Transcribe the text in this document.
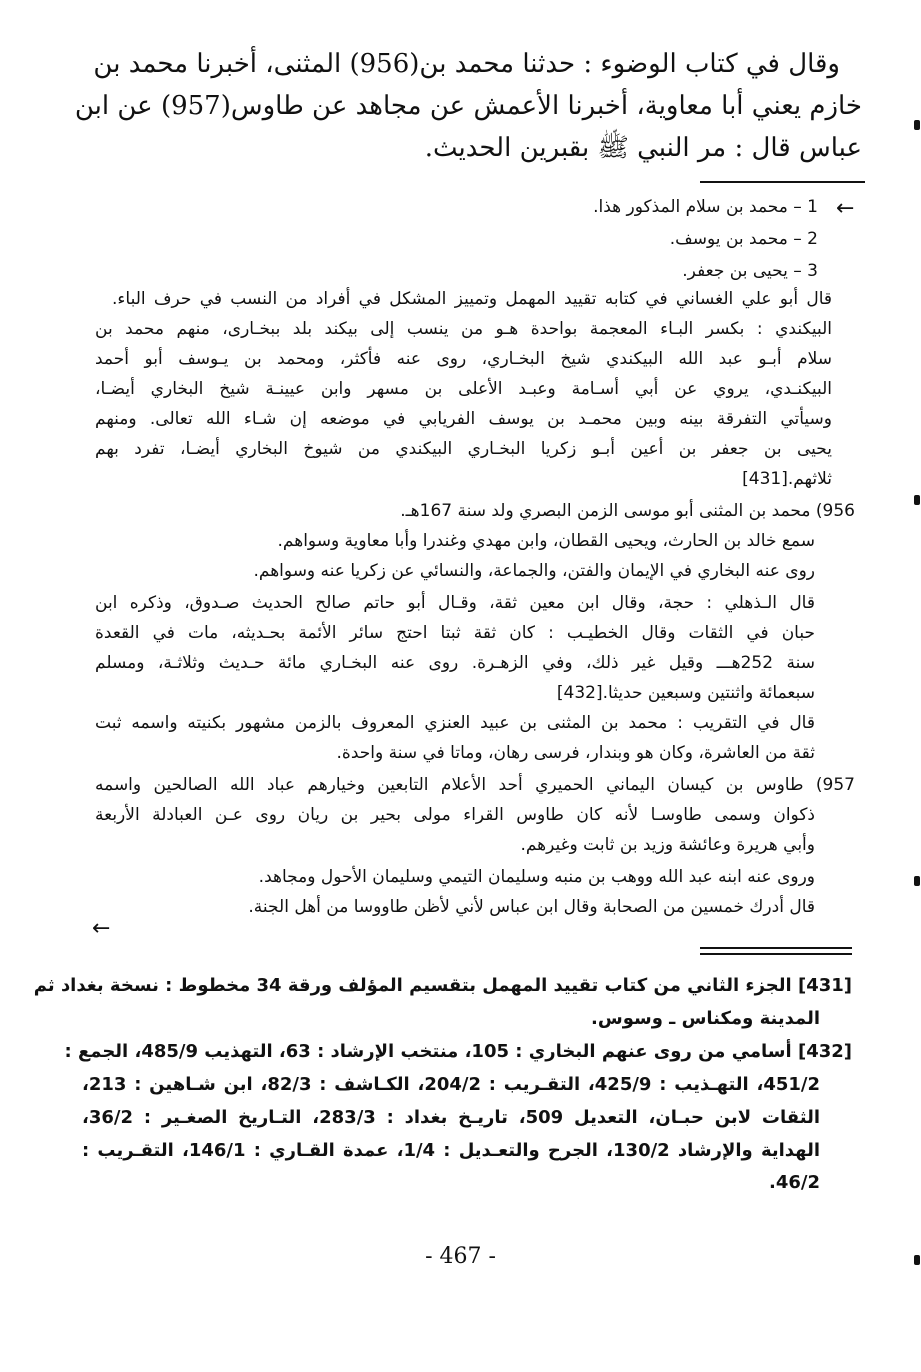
وقال في كتاب الوضوء : حدثنا محمد بن(956) المثنى، أخبرنا محمد بن
خازم يعني أبا معاوية، أخبرنا الأعمش عن مجاهد عن طاوس(957) عن ابن
عباس قال : مر النبي ﷺ بقبرين الحديث.
←
1 – محمد بن سلام المذكور هذا.
2 – محمد بن يوسف.
3 – يحيى بن جعفر.
قال أبو علي الغساني في كتابه تقييد المهمل وتمييز المشكل في أفراد من النسب في حرف الباء.
البيكندي : بكسر البـاء المعجمة بواحدة هـو من ينسب إلى بيكند بلد ببخـارى، منهم محمد بن
سلام أبـو عبد الله البيكندي شيخ البخـاري، روى عنه فأكثر، ومحمد بن يـوسف أبو أحمد
البيكنـدي، يروي عن أبي أسـامة وعبـد الأعلى بن مسهر وابن عيينـة شيخ البخاري أيضـا،
وسيأتي التفرقة بينه وبين محمـد بن يوسف الفريابي في موضعه إن شـاء الله تعالى. ومنهم
يحيى بن جعفر بن أعين أبـو زكريا البخـاري البيكندي من شيوخ البخاري أيضـا، تفرد بهم
ثلاثهم.[431]
956) محمد بن المثنى أبو موسى الزمن البصري ولد سنة 167هـ.
سمع خالد بن الحارث، ويحيى القطان، وابن مهدي وغندرا وأبا معاوية وسواهم.
روى عنه البخاري في الإيمان والفتن، والجماعة، والنسائي عن زكريا عنه وسواهم.
قال الـذهلي : حجة، وقال ابن معين ثقة، وقـال أبو حاتم صالح الحديث صـدوق، وذكره ابن
حبان في الثقات وقال الخطيـب : كان ثقة ثبتا احتج سائر الأئمة بحـديثه، مات في القعدة
سنة 252هـــ وقيل غير ذلك، وفي الزهـرة. روى عنه البخـاري مائة حـديث وثلاثـة، ومسلم
سبعمائة واثنتين وسبعين حديثا.[432]
قال في التقريب : محمد بن المثنى بن عبيد العنزي المعروف بالزمن مشهور بكنيته واسمه ثبت
ثقة من العاشرة، وكان هو وبندار، فرسى رهان، وماتا في سنة واحدة.
957) طاوس بن كيسان اليماني الحميري أحد الأعلام التابعين وخيارهم عباد الله الصالحين واسمه
ذكوان وسمى طاوسـا لأنه كان طاوس القراء مولى بحير بن ريان روى عـن العبادلة الأربعة
وأبي هريرة وعائشة وزيد بن ثابت وغيرهم.
وروى عنه ابنه عبد الله ووهب بن منبه وسليمان التيمي وسليمان الأحول ومجاهد.
قال أدرك خمسين من الصحابة وقال ابن عباس لأني لأظن طاووسا من أهل الجنة.
←
[431] الجزء الثاني من كتاب تقييد المهمل بتقسيم المؤلف ورقة 34 مخطوط : نسخة بغداد ثم
المدينة ومكناس ـ وسوس.
[432] أسامي من روى عنهم البخاري : 105، منتخب الإرشاد : 63، التهذيب 485/9، الجمع :
451/2، التهـذيب : 425/9، التقـريب : 204/2، الكـاشف : 82/3، ابن شـاهين : 213،
الثقات لابن حبـان، التعديل 509، تاريـخ بغداد : 283/3، التـاريخ الصغـير : 36/2،
الهداية والإرشاد 130/2، الجرح والتعـديل : 1/4، عمدة القـاري : 146/1، التقـريب :
46/2.
- 467 -
